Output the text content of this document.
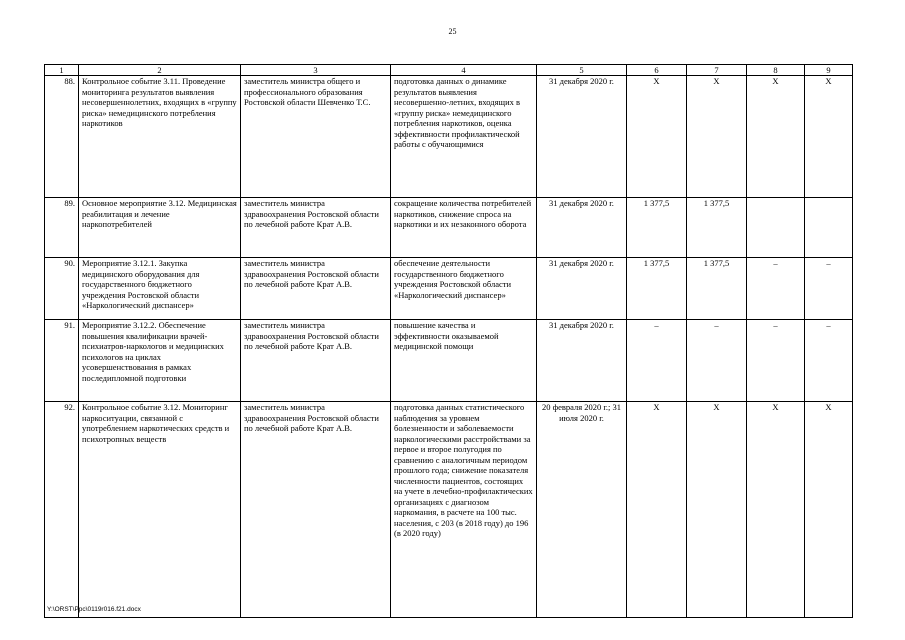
25
1	2	3	4	5	6	7	8	9
88.	Контрольное событие 3.11. Проведение мониторинга результатов выявления несовершеннолетних, входящих в «группу риска» немедицинского потребления наркотиков	заместитель министра общего и профессионального образования Ростовской области Шевченко Т.С.	подготовка данных о динамике результатов выявления несовершенно-летних, входящих в «группу риска» немедицинского потребления наркотиков, оценка эффективности профилактической работы с обучающимися	31 декабря 2020 г.	X	X	X	X
89.	Основное мероприятие 3.12. Медицинская реабилитация и лечение наркопотребителей	заместитель министра здравоохранения Ростовской области по лечебной работе Крат А.В.	сокращение количества потребителей наркотиков, снижение спроса на наркотики и их незаконного оборота	31 декабря 2020 г.	1 377,5	1 377,5		
90.	Мероприятие 3.12.1. Закупка медицинского оборудования для государственного бюджетного учреждения Ростовской области «Наркологический диспансер»	заместитель министра здравоохранения Ростовской области по лечебной работе Крат А.В.	обеспечение деятельности государственного бюджетного учреждения Ростовской области «Наркологический диспансер»	31 декабря 2020 г.	1 377,5	1 377,5	–	–
91.	Мероприятие 3.12.2. Обеспечение повышения квалификации врачей-психиатров-наркологов и медицинских психологов на циклах усовершенствования в рамках последипломной подготовки	заместитель министра здравоохранения Ростовской области по лечебной работе Крат А.В.	повышение качества и эффективности оказываемой медицинской помощи	31 декабря 2020 г.	–	–	–	–
92.	Контрольное событие 3.12. Мониторинг наркоситуации, связанной с употреблением наркотических средств и психотропных веществ	заместитель министра здравоохранения Ростовской области по лечебной работе Крат А.В.	подготовка данных статистического наблюдения за уровнем болезненности и заболеваемости наркологическими расстройствами за первое и второе полугодия по сравнению с аналогичным периодом прошлого года; снижение показателя численности пациентов, состоящих на учете в лечебно-профилактических организациях с диагнозом наркомания, в расчете на 100 тыс. населения, с 203 (в 2018 году) до 196 (в 2020 году)	20 февраля 2020 г.; 31 июля 2020 г.	X	X	X	X
Y:\ORST\Ppc\0119r016.f21.docx
